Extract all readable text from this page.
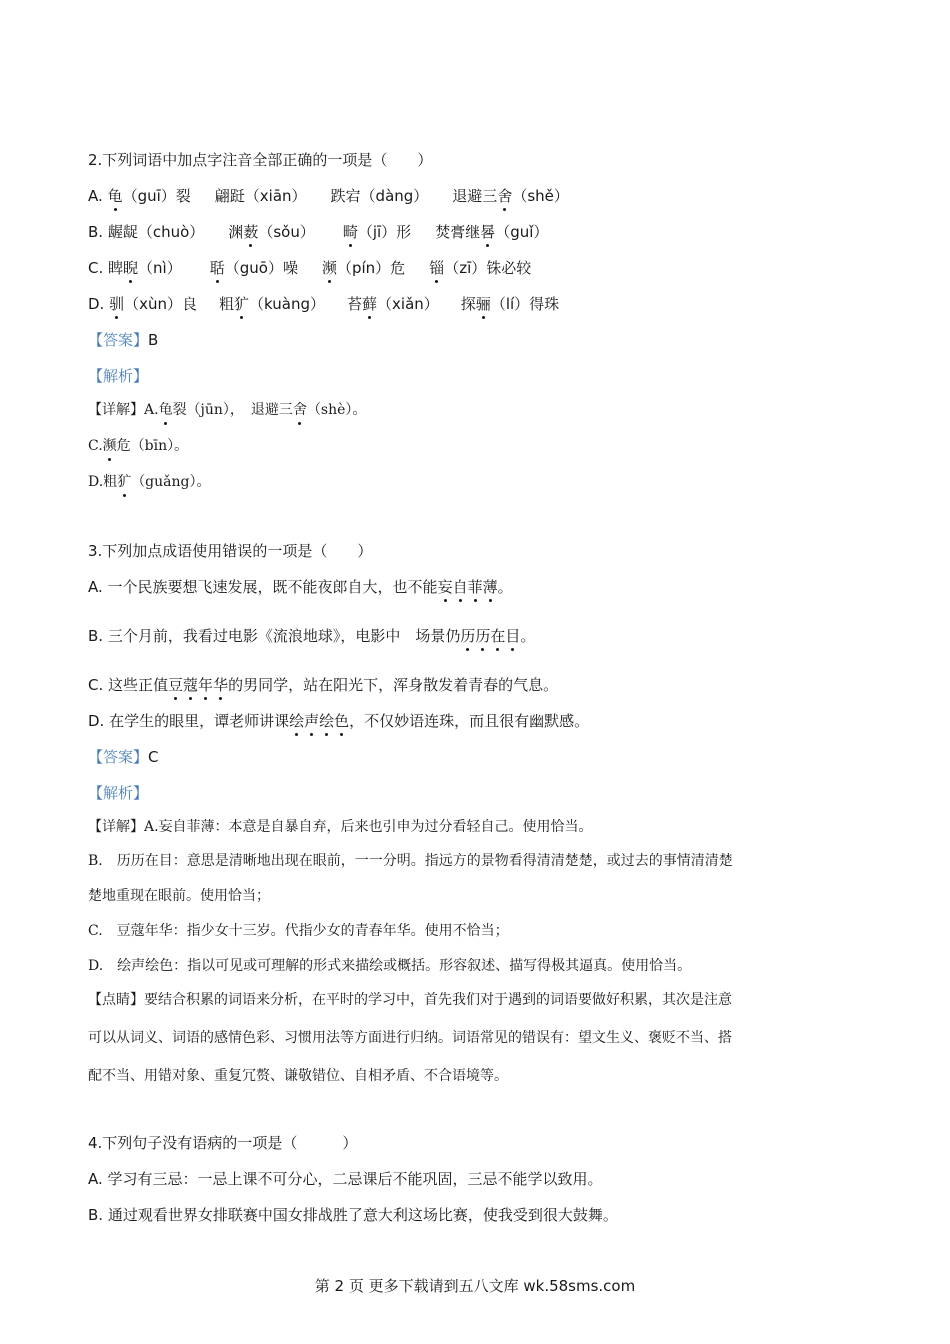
2.下列词语中加点字注音全部正确的一项是（　　）
A. 龟（guī）裂 翩跹（xiān） 跌宕（dàng） 退避三舍（shě）
B. 龌龊（chuò） 渊薮（sǒu） 畸（jī）形 焚膏继晷（guǐ）
C. 睥睨（nì） 聒（guō）噪 濒（pín）危 锱（zī）铢必较
D. 驯（xùn）良 粗犷（kuàng） 苔藓（xiǎn） 探骊（lí）得珠
【答案】B
【解析】
【详解】A.龟裂（jūn），　退避三舍（shè）。
C.濒危（bīn）。
D.粗犷（guǎng）。
3.下列加点成语使用错误的一项是（　　）
A. 一个民族要想飞速发展，既不能夜郎自大，也不能妄自菲薄。
B. 三个月前，我看过电影《流浪地球》，电影中　场景仍历历在目。
C. 这些正值豆蔻年华的男同学，站在阳光下，浑身散发着青春的气息。
D. 在学生的眼里，谭老师讲课绘声绘色，不仅妙语连珠，而且很有幽默感。
【答案】C
【解析】
【详解】A.妄自菲薄：本意是自暴自弃，后来也引申为过分看轻自己。使用恰当。
B.　历历在目：意思是清晰地出现在眼前，一一分明。指远方的景物看得清清楚楚，或过去的事情清清楚
楚地重现在眼前。使用恰当；
C.　豆蔻年华：指少女十三岁。代指少女的青春年华。使用不恰当；
D.　绘声绘色：指以可见或可理解的形式来描绘或概括。形容叙述、描写得极其逼真。使用恰当。
【点睛】要结合积累的词语来分析，在平时的学习中，首先我们对于遇到的词语要做好积累，其次是注意
可以从词义、词语的感情色彩、习惯用法等方面进行归纳。词语常见的错误有：望文生义、褒贬不当、搭
配不当、用错对象、重复冗赘、谦敬错位、自相矛盾、不合语境等。
4.下列句子没有语病的一项是（　　　）
A. 学习有三忌：一忌上课不可分心，二忌课后不能巩固，三忌不能学以致用。
B. 通过观看世界女排联赛中国女排战胜了意大利这场比赛，使我受到很大鼓舞。
第 2 页 更多下载请到五八文库 wk.58sms.com
